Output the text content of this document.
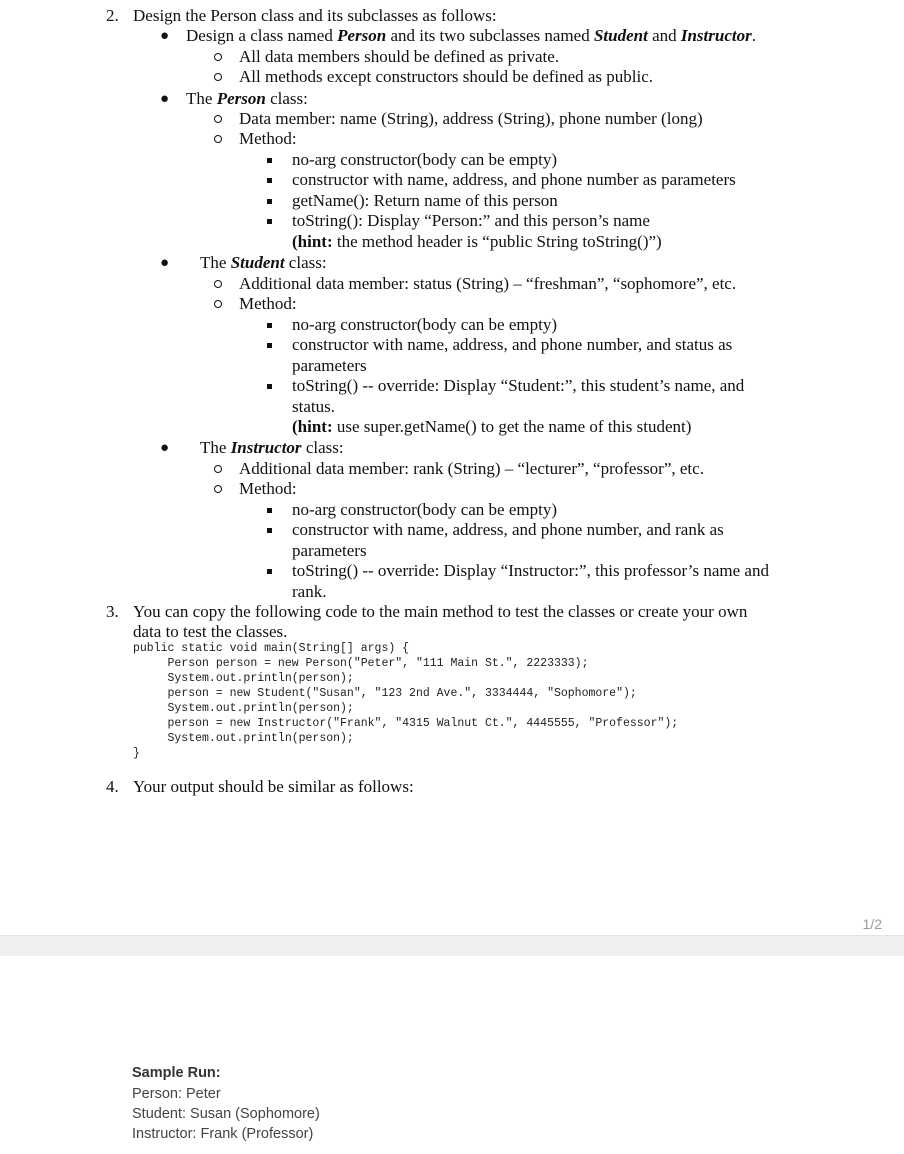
2. Design the Person class and its subclasses as follows:
● Design a class named Person and its two subclasses named Student and Instructor.
All data members should be defined as private.
All methods except constructors should be defined as public.
● The Person class:
Data member: name (String), address (String), phone number (long)
Method:
no-arg constructor(body can be empty)
constructor with name, address, and phone number as parameters
getName(): Return name of this person
toString(): Display “Person:” and this person’s name
(hint: the method header is “public String toString()”)
● The Student class:
Additional data member: status (String) – “freshman”, “sophomore”, etc.
Method:
no-arg constructor(body can be empty)
constructor with name, address, and phone number, and status as
parameters
toString() -- override: Display “Student:”, this student’s name, and
status.
(hint: use super.getName() to get the name of this student)
● The Instructor class:
Additional data member: rank (String) – “lecturer”, “professor”, etc.
Method:
no-arg constructor(body can be empty)
constructor with name, address, and phone number, and rank as
parameters
toString() -- override: Display “Instructor:”, this professor’s name and
rank.
3. You can copy the following code to the main method to test the classes or create your own
data to test the classes.
public static void main(String[] args) {
Person person = new Person("Peter", "111 Main St.", 2223333);
System.out.println(person);
person = new Student("Susan", "123 2nd Ave.", 3334444, "Sophomore");
System.out.println(person);
person = new Instructor("Frank", "4315 Walnut Ct.", 4445555, "Professor");
System.out.println(person);
}
4. Your output should be similar as follows:
1/2
Sample Run:
Person: Peter
Student: Susan (Sophomore)
Instructor: Frank (Professor)
